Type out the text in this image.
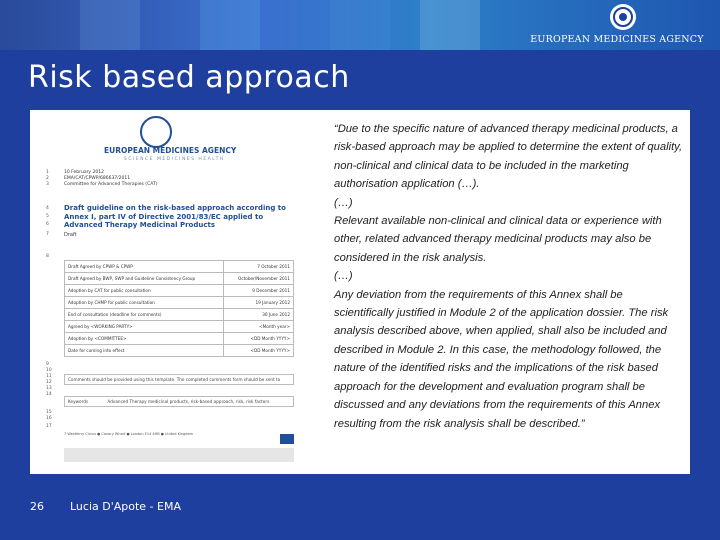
EUROPEAN MEDICINES AGENCY
Risk based approach
EUROPEAN MEDICINES AGENCY
SCIENCE MEDICINES HEALTH
1
2
3
10 February 2012
EMA/CAT/CPWP/686637/2011
Committee for Advanced Therapies (CAT)
4
5
6
7
Draft guideline on the risk-based approach according to Annex I, part IV of Directive 2001/83/EC applied to Advanced Therapy Medicinal Products
Draft
8
Draft Agreed by CPWP & CPWP	7 October 2011
Draft Agreed by BWP, SWP and Guideline Consistency Group	October/November 2011
Adoption by CAT for public consultation	9 December 2011
Adoption by CHMP for public consultation	19 January 2012
End of consultation (deadline for comments)	30 June 2012
Agreed by <WORKING PARTY>	<Month year>
Adoption by <COMMITTEE>	<DD Month YYYY>
Date for coming into effect	<DD Month YYYY>
9
10
11
12
13
14
15
16
17
Comments should be provided using this template. The completed comments form should be sent to
Keywords	Advanced Therapy medicinal products, risk-based approach, risk, risk factors
7 Westferry Circus ● Canary Wharf ● London E14 4HB ● United Kingdom
“Due to the specific nature of advanced therapy medicinal products, a risk-based approach may be applied to determine the extent of quality, non-clinical and clinical data to be included in the marketing authorisation application (…).
(…)
Relevant available non-clinical and clinical data or experience with other, related advanced therapy medicinal products may also be considered in the risk analysis.
(…)
Any deviation from the requirements of this Annex shall be scientifically justified in Module 2 of the application dossier. The risk analysis described above, when applied, shall also be included and described in Module 2. In this case, the methodology followed, the nature of the identified risks and the implications of the risk based approach for the development and evaluation program shall be discussed and any deviations from the requirements of this Annex resulting from the risk analysis shall be described.”
26 Lucia D'Apote - EMA
